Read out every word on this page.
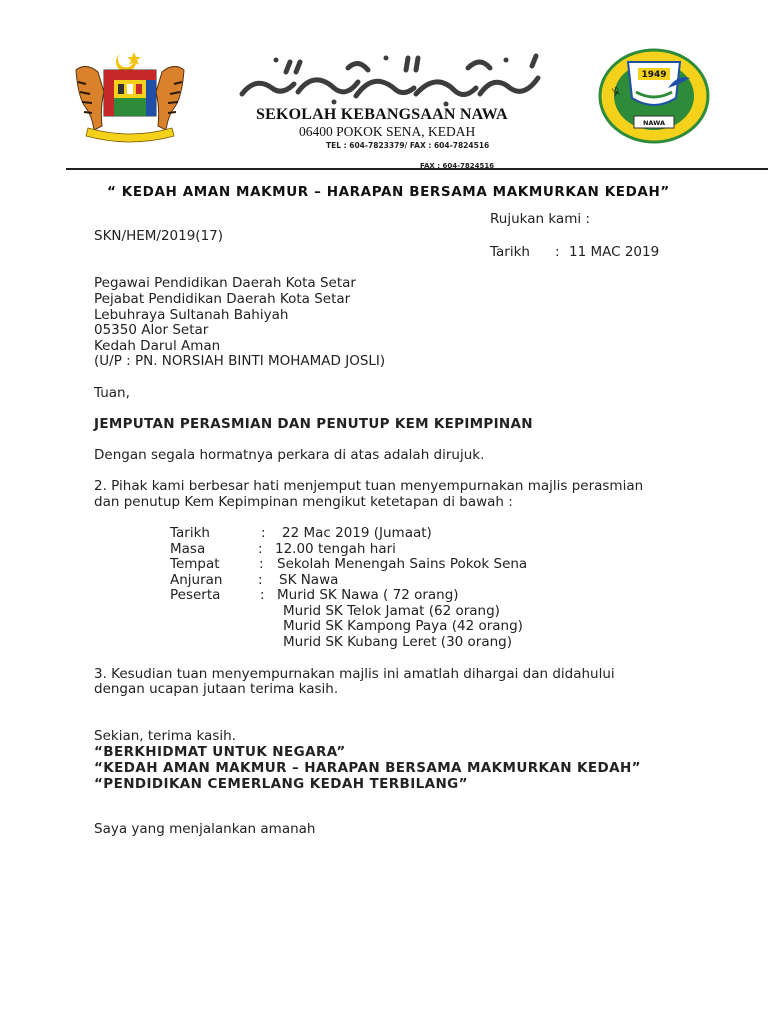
1949
NAWA
SK
SEKOLAH KEBANGSAAN NAWA
06400 POKOK SENA, KEDAH
TEL : 604-7823379/ FAX : 604-7824516
FAX : 604-7824516
“ KEDAH AMAN MAKMUR – HARAPAN BERSAMA MAKMURKAN KEDAH”
Rujukan kami :
SKN/HEM/2019(17)
Tarikh : 11 MAC 2019
Pegawai Pendidikan Daerah Kota Setar
Pejabat Pendidikan Daerah Kota Setar
Lebuhraya Sultanah Bahiyah
05350 Alor Setar
Kedah Darul Aman
(U/P : PN. NORSIAH BINTI MOHAMAD JOSLI)
Tuan,
JEMPUTAN PERASMIAN DAN PENUTUP KEM KEPIMPINAN
Dengan segala hormatnya perkara di atas adalah dirujuk.
2. Pihak kami berbesar hati menjemput tuan menyempurnakan majlis perasmian
dan penutup Kem Kepimpinan mengikut ketetapan di bawah :
Tarikh	: 22 Mac 2019 (Jumaat)
Masa	: 12.00 tengah hari
Tempat	: Sekolah Menengah Sains Pokok Sena
Anjuran	: SK Nawa
Peserta	: Murid SK Nawa ( 72 orang)
Murid SK Telok Jamat (62 orang)
Murid SK Kampong Paya (42 orang)
Murid SK Kubang Leret (30 orang)
3. Kesudian tuan menyempurnakan majlis ini amatlah dihargai dan didahului
dengan ucapan jutaan terima kasih.
Sekian, terima kasih.
“BERKHIDMAT UNTUK NEGARA”
“KEDAH AMAN MAKMUR – HARAPAN BERSAMA MAKMURKAN KEDAH”
“PENDIDIKAN CEMERLANG KEDAH TERBILANG”
Saya yang menjalankan amanah
